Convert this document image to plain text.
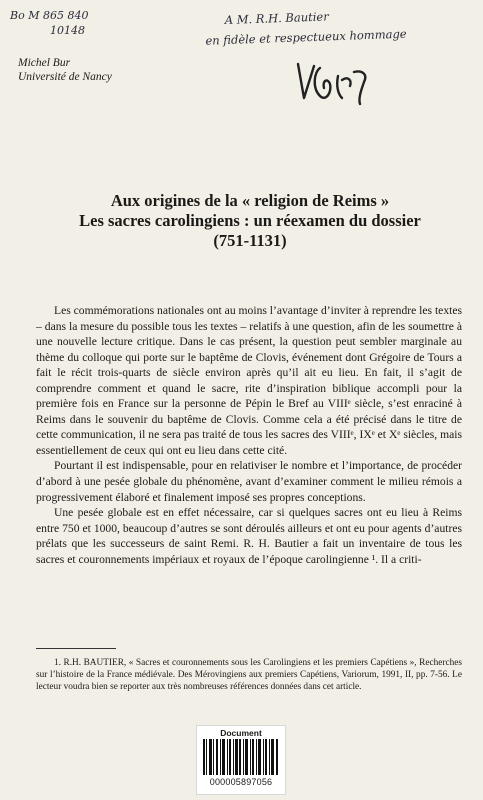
Bo M 865 840
10148
A M. R.H. Bautier
en fidèle et respectueux hommage
Michel Bur
Université de Nancy
Aux origines de la « religion de Reims »
Les sacres carolingiens : un réexamen du dossier
(751-1131)

Les commémorations nationales ont au moins l’avantage d’inviter à reprendre les textes – dans la mesure du possible tous les textes – relatifs à une question, afin de les soumettre à une nouvelle lecture critique. Dans le cas présent, la question peut sembler marginale au thème du colloque qui porte sur le baptême de Clovis, événement dont Grégoire de Tours a fait le récit trois-quarts de siècle environ après qu’il ait eu lieu. En fait, il s’agit de comprendre comment et quand le sacre, rite d’inspiration biblique accompli pour la première fois en France sur la personne de Pépin le Bref au VIIIᵉ siècle, s’est enraciné à Reims dans le souvenir du baptême de Clovis. Comme cela a été précisé dans le titre de cette communication, il ne sera pas traité de tous les sacres des VIIIᵉ, IXᵉ et Xᵉ siècles, mais essentiellement de ceux qui ont eu lieu dans cette cité.

Pourtant il est indispensable, pour en relativiser le nombre et l’importance, de procéder d’abord à une pesée globale du phénomène, avant d’examiner comment le milieu rémois a progressivement élaboré et finalement imposé ses propres conceptions.

Une pesée globale est en effet nécessaire, car si quelques sacres ont eu lieu à Reims entre 750 et 1000, beaucoup d’autres se sont déroulés ailleurs et ont eu pour agents d’autres prélats que les successeurs de saint Remi. R. H. Bautier a fait un inventaire de tous les sacres et couronnements impériaux et royaux de l’époque carolingienne ¹. Il a criti-

1. R.H. BAUTIER, « Sacres et couronnements sous les Carolingiens et les premiers Capétiens », Recherches sur l’histoire de la France médiévale. Des Mérovingiens aux premiers Capétiens, Variorum, 1991, II, pp. 7-56. Le lecteur voudra bien se reporter aux très nombreuses références données dans cet article.

Document
000005897056
